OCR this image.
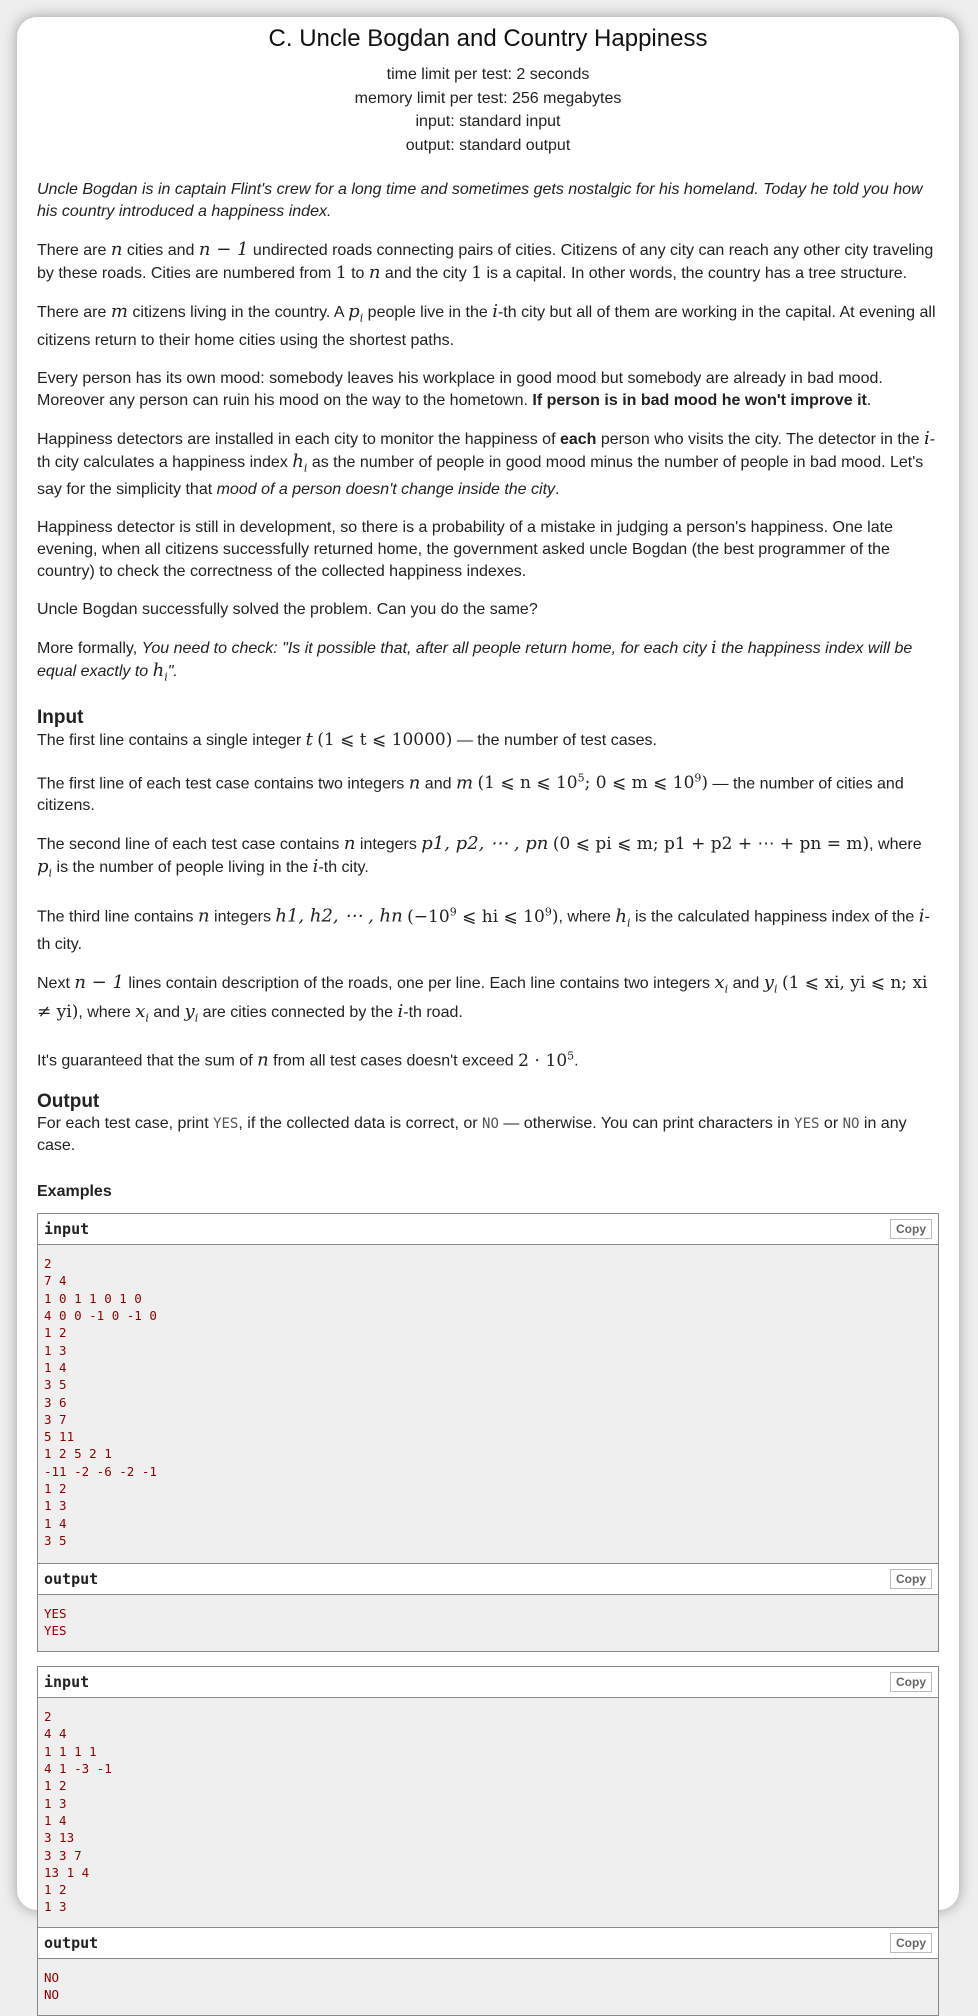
C. Uncle Bogdan and Country Happiness
time limit per test: 2 seconds
memory limit per test: 256 megabytes
input: standard input
output: standard output
Uncle Bogdan is in captain Flint's crew for a long time and sometimes gets nostalgic for his homeland. Today he told you how his country introduced a happiness index.
There are n cities and n − 1 undirected roads connecting pairs of cities. Citizens of any city can reach any other city traveling by these roads. Cities are numbered from 1 to n and the city 1 is a capital. In other words, the country has a tree structure.
There are m citizens living in the country. A $p_i$ people live in the i-th city but all of them are working in the capital. At evening all citizens return to their home cities using the shortest paths.
Every person has its own mood: somebody leaves his workplace in good mood but somebody are already in bad mood. Moreover any person can ruin his mood on the way to the hometown. If person is in bad mood he won't improve it.
Happiness detectors are installed in each city to monitor the happiness of each person who visits the city. The detector in the i-th city calculates a happiness index $h_i$ as the number of people in good mood minus the number of people in bad mood. Let's say for the simplicity that mood of a person doesn't change inside the city.
Happiness detector is still in development, so there is a probability of a mistake in judging a person's happiness. One late evening, when all citizens successfully returned home, the government asked uncle Bogdan (the best programmer of the country) to check the correctness of the collected happiness indexes.
Uncle Bogdan successfully solved the problem. Can you do the same?
More formally, You need to check: "Is it possible that, after all people return home, for each city i the happiness index will be equal exactly to $h_i$".
Input
The first line contains a single integer t (1 ⩽ t ⩽ 10000) — the number of test cases.
The first line of each test case contains two integers n and m (1 ⩽ n ⩽ $10^5$; 0 ⩽ m ⩽ $10^9$) — the number of cities and citizens.
The second line of each test case contains n integers p1, p2, ⋯ , pn (0 ⩽ pi ⩽ m; p1 + p2 + ⋯ + pn = m), where $p_i$ is the number of people living in the i-th city.
The third line contains n integers h1, h2, ⋯ , hn ($-10^9$ ⩽ hi ⩽ $10^9$), where $h_i$ is the calculated happiness index of the i-th city.
Next n − 1 lines contain description of the roads, one per line. Each line contains two integers $x_i$ and $y_i$ (1 ⩽ xi, yi ⩽ n; xi ≠ yi), where $x_i$ and $y_i$ are cities connected by the i-th road.
It's guaranteed that the sum of n from all test cases doesn't exceed $2 \cdot 10^5$.
Output
For each test case, print YES, if the collected data is correct, or NO — otherwise. You can print characters in YES or NO in any case.
Examples
input	Copy
2
7 4
1 0 1 1 0 1 0
4 0 0 -1 0 -1 0
1 2
1 3
1 4
3 5
3 6
3 7
5 11
1 2 5 2 1
-11 -2 -6 -2 -1
1 2
1 3
1 4
3 5
output	Copy
YES
YES
input	Copy
2
4 4
1 1 1 1
4 1 -3 -1
1 2
1 3
1 4
3 13
3 3 7
13 1 4
1 2
1 3
output	Copy
NO
NO
